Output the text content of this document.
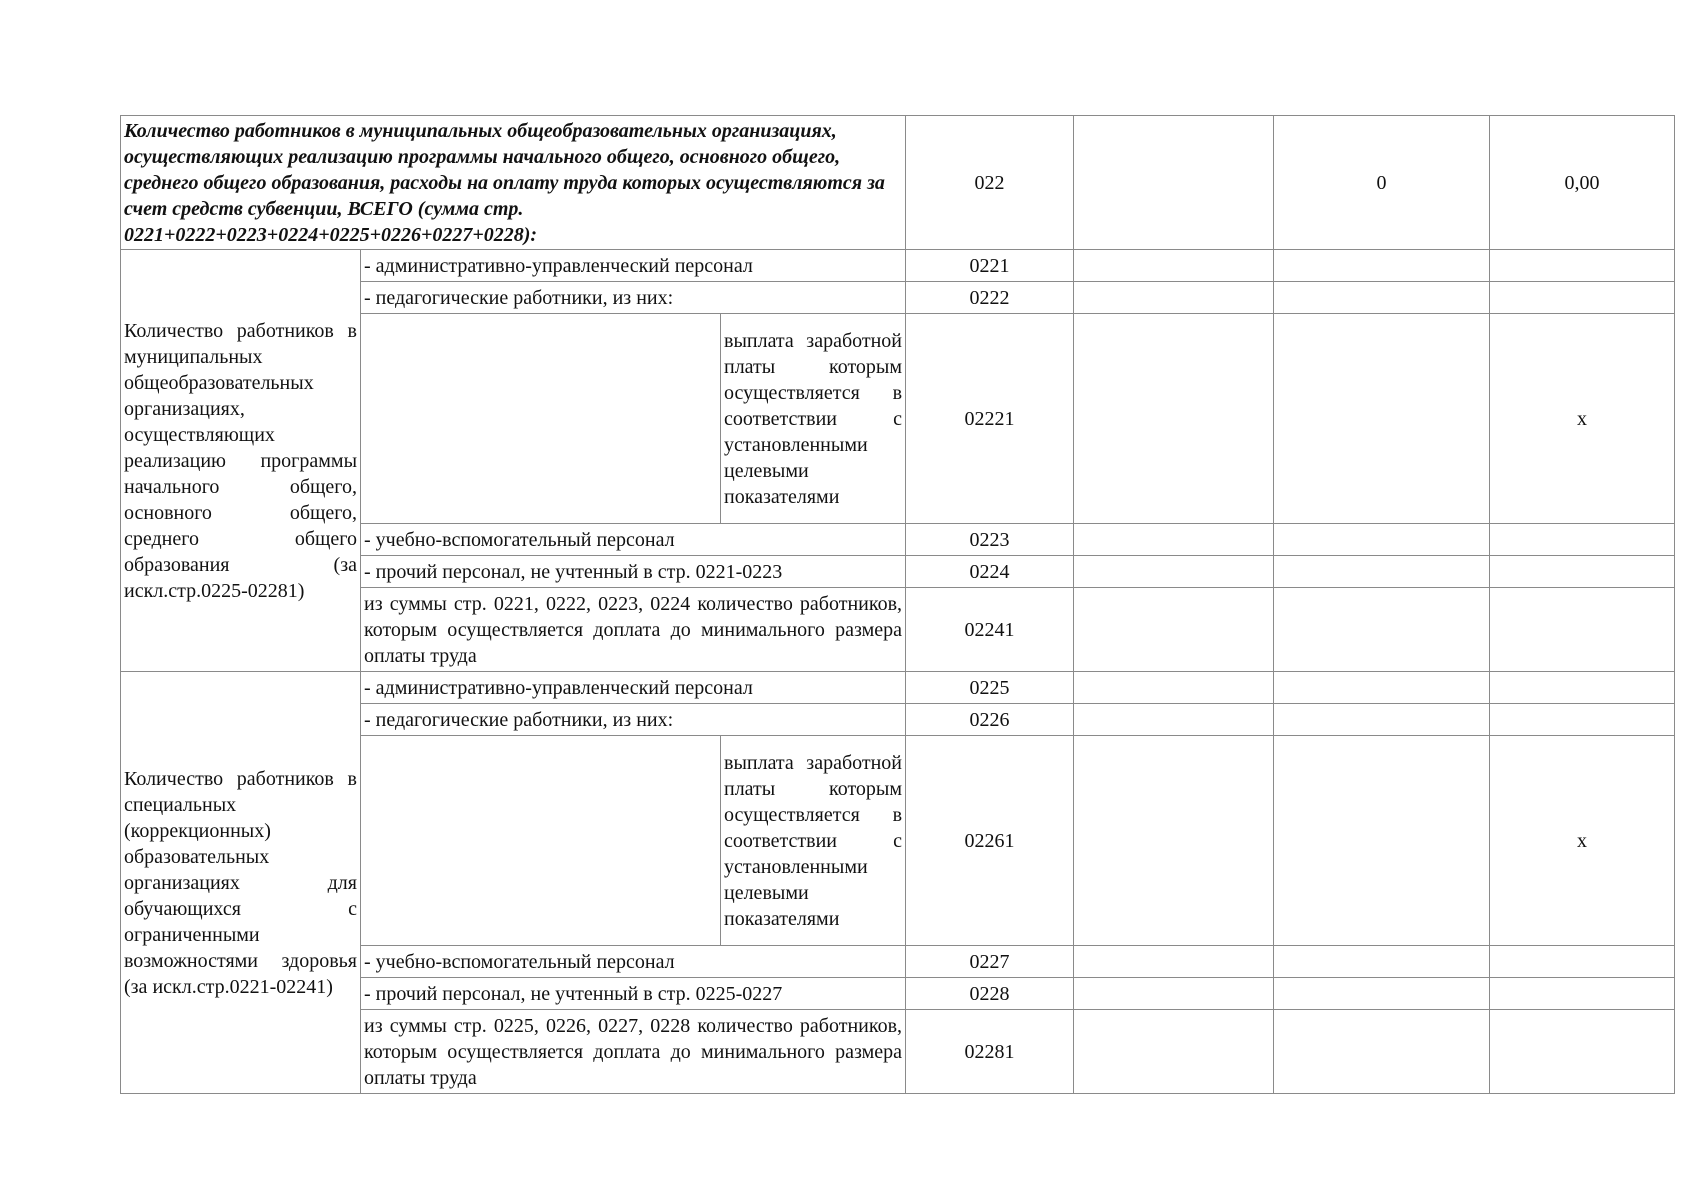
Количество работников в муниципальных общеобразовательных организациях, осуществляющих реализацию программы начального общего, основного общего, среднего общего образования, расходы на оплату труда которых осуществляются за счет средств субвенции, ВСЕГО (сумма стр. 0221+0222+0223+0224+0225+0226+0227+0228):			022		0	0,00
Количество работников в муниципальных общеобразовательных организациях, осуществляющих реализацию программы начального общего, основного общего, среднего общего образования (за искл.стр.0225-02281)	- административно-управленческий персонал		0221			
	- педагогические работники, из них:		0222			
		выплата заработной платы которым осуществляется в соответствии с установленными целевыми показателями	02221			х
	- учебно-вспомогательный персонал		0223			
	- прочий персонал, не учтенный в стр. 0221-0223		0224			
	из суммы стр. 0221, 0222, 0223, 0224 количество работников, которым осуществляется доплата до минимального размера оплаты труда		02241			
Количество работников в специальных (коррекционных) образовательных организациях для обучающихся с ограниченными возможностями здоровья (за искл.стр.0221-02241)	- административно-управленческий персонал		0225			
	- педагогические работники, из них:		0226			
		выплата заработной платы которым осуществляется в соответствии с установленными целевыми показателями	02261			х
	- учебно-вспомогательный персонал		0227			
	- прочий персонал, не учтенный в стр. 0225-0227		0228			
	из суммы стр. 0225, 0226, 0227, 0228 количество работников, которым осуществляется доплата до минимального размера оплаты труда		02281			
